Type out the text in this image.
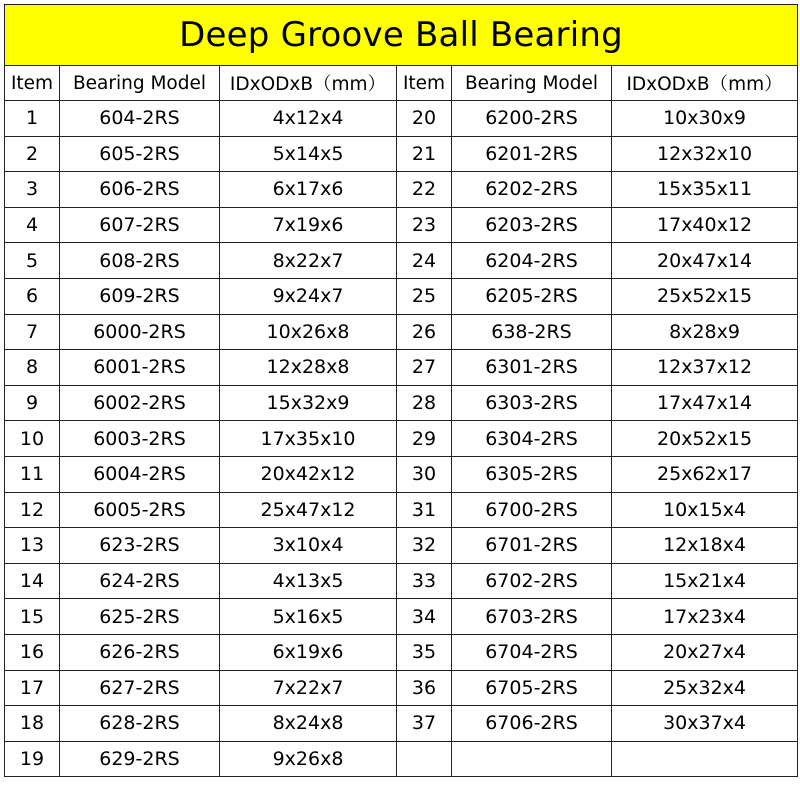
Deep Groove Ball Bearing					
Item	Bearing Model	IDxODxB（mm）	Item	Bearing Model	IDxODxB（mm）
1	604-2RS	4x12x4	20	6200-2RS	10x30x9
2	605-2RS	5x14x5	21	6201-2RS	12x32x10
3	606-2RS	6x17x6	22	6202-2RS	15x35x11
4	607-2RS	7x19x6	23	6203-2RS	17x40x12
5	608-2RS	8x22x7	24	6204-2RS	20x47x14
6	609-2RS	9x24x7	25	6205-2RS	25x52x15
7	6000-2RS	10x26x8	26	638-2RS	8x28x9
8	6001-2RS	12x28x8	27	6301-2RS	12x37x12
9	6002-2RS	15x32x9	28	6303-2RS	17x47x14
10	6003-2RS	17x35x10	29	6304-2RS	20x52x15
11	6004-2RS	20x42x12	30	6305-2RS	25x62x17
12	6005-2RS	25x47x12	31	6700-2RS	10x15x4
13	623-2RS	3x10x4	32	6701-2RS	12x18x4
14	624-2RS	4x13x5	33	6702-2RS	15x21x4
15	625-2RS	5x16x5	34	6703-2RS	17x23x4
16	626-2RS	6x19x6	35	6704-2RS	20x27x4
17	627-2RS	7x22x7	36	6705-2RS	25x32x4
18	628-2RS	8x24x8	37	6706-2RS	30x37x4
19	629-2RS	9x26x8			
